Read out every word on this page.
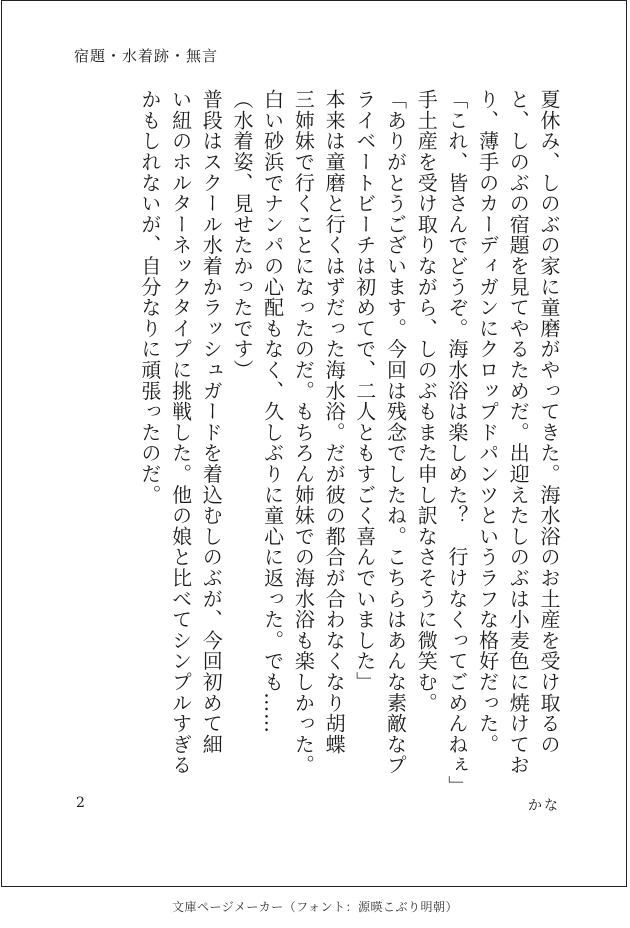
宿題・水着跡・無言
夏休み、しのぶの家に童磨がやってきた。海水浴のお土産を受け取るの
と、しのぶの宿題を見てやるためだ。出迎えたしのぶは小麦色に焼けてお
り、薄手のカーディガンにクロップドパンツというラフな格好だった。
「これ、皆さんでどうぞ。海水浴は楽しめた？　行けなくってごめんねぇ」
手土産を受け取りながら、しのぶもまた申し訳なさそうに微笑む。
「ありがとうございます。今回は残念でしたね。こちらはあんな素敵なプ
ライベートビーチは初めてで、二人ともすごく喜んでいました」
本来は童磨と行くはずだった海水浴。だが彼の都合が合わなくなり胡蝶
三姉妹で行くことになったのだ。もちろん姉妹での海水浴も楽しかった。
白い砂浜でナンパの心配もなく、久しぶりに童心に返った。でも……
（水着姿、見せたかったです）
普段はスクール水着かラッシュガードを着込むしのぶが、今回初めて細
い紐のホルターネックタイプに挑戦した。他の娘と比べてシンプルすぎる
かもしれないが、自分なりに頑張ったのだ。
2	かな
文庫ページメーカー（フォント：源暎こぶり明朝）
